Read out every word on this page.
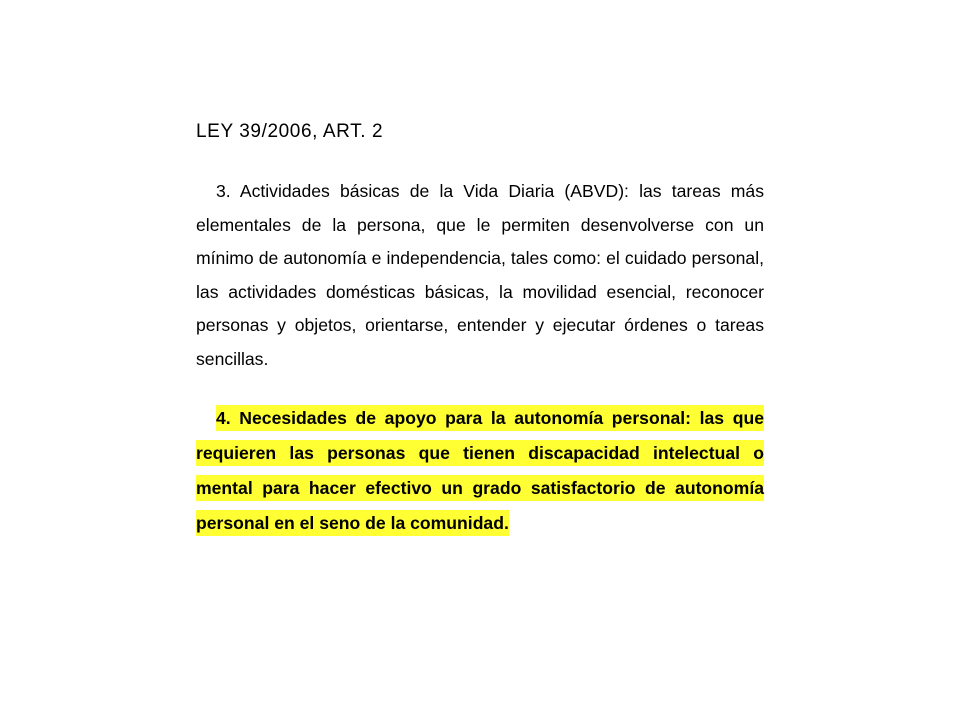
LEY 39/2006, ART. 2

3. Actividades básicas de la Vida Diaria (ABVD): las tareas más elementales de la persona, que le permiten desenvolverse con un mínimo de autonomía e independencia, tales como: el cuidado personal, las actividades domésticas básicas, la movilidad esencial, reconocer personas y objetos, orientarse, entender y ejecutar órdenes o tareas sencillas.

4. Necesidades de apoyo para la autonomía personal: las que requieren las personas que tienen discapacidad intelectual o mental para hacer efectivo un grado satisfactorio de autonomía personal en el seno de la comunidad.
